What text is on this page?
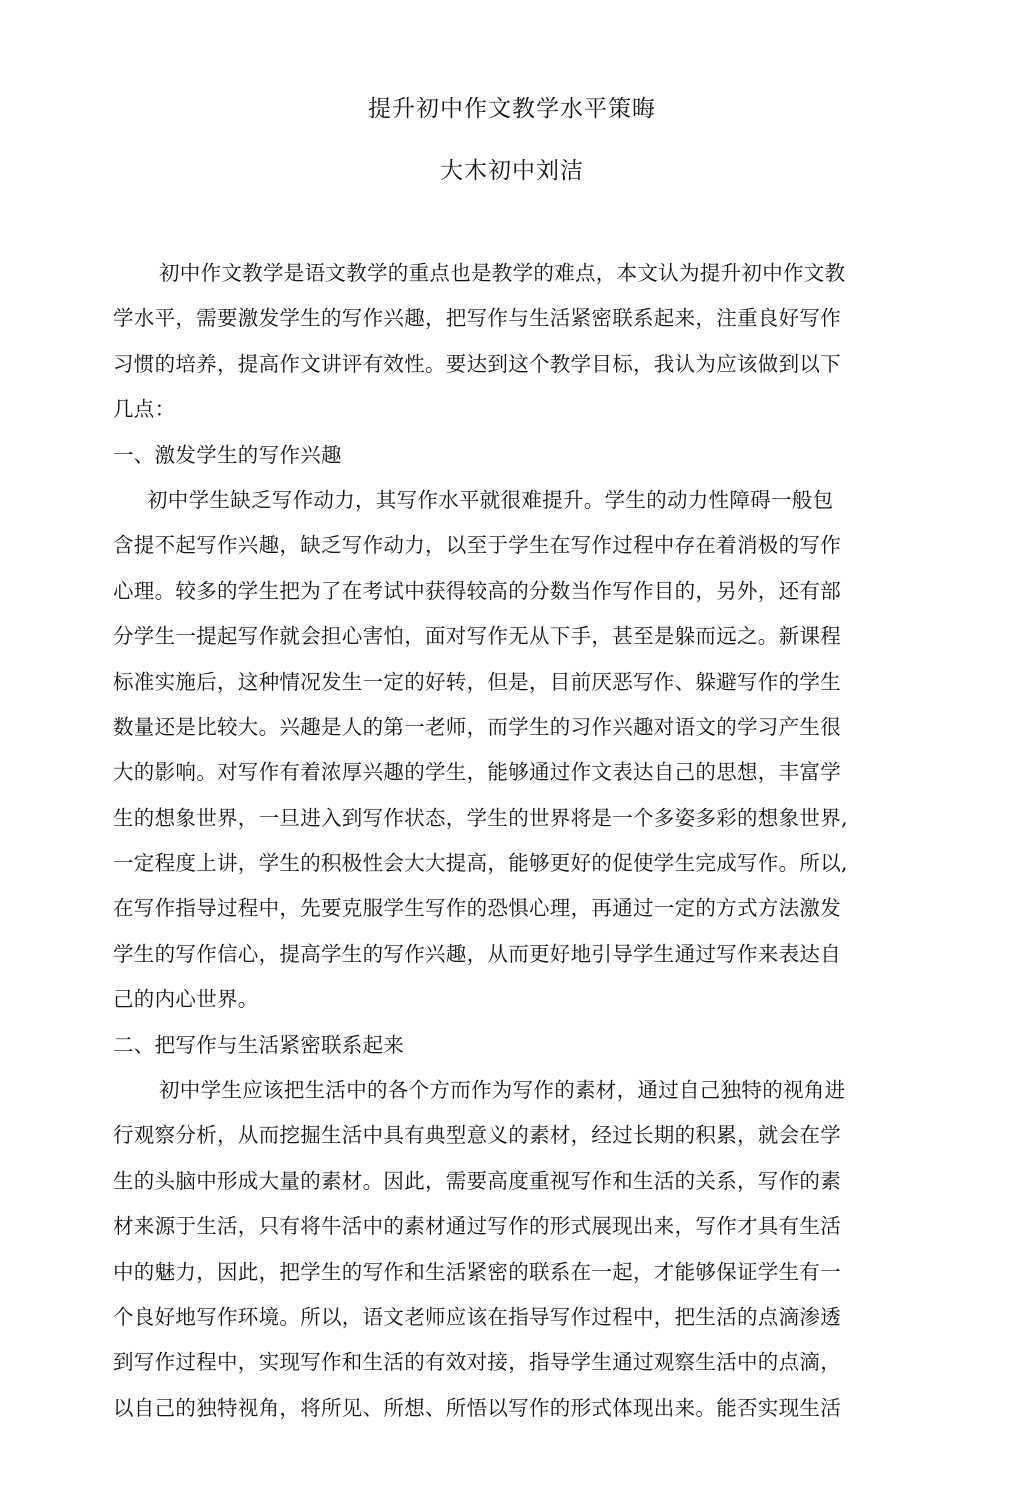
提升初中作文教学水平策晦
大木初中刘洁
初中作文教学是语文教学的重点也是教学的难点，本文认为提升初中作文教
学水平，需要激发学生的写作兴趣，把写作与生活紧密联系起来，注重良好写作
习惯的培养，提高作文讲评有效性。要达到这个教学目标，我认为应该做到以下
几点：
一、激发学生的写作兴趣
初中学生缺乏写作动力，其写作水平就很难提升。学生的动力性障碍一般包
含提不起写作兴趣，缺乏写作动力，以至于学生在写作过程中存在着消极的写作
心理。较多的学生把为了在考试中获得较高的分数当作写作目的，另外，还有部
分学生一提起写作就会担心害怕，面对写作无从下手，甚至是躲而远之。新课程
标准实施后，这种情况发生一定的好转，但是，目前厌恶写作、躲避写作的学生
数量还是比较大。兴趣是人的第一老师，而学生的习作兴趣对语文的学习产生很
大的影响。对写作有着浓厚兴趣的学生，能够通过作文表达自己的思想，丰富学
生的想象世界，一旦进入到写作状态，学生的世界将是一个多姿多彩的想象世界,
一定程度上讲，学生的积极性会大大提高，能够更好的促使学生完成写作。所以,
在写作指导过程中，先要克服学生写作的恐惧心理，再通过一定的方式方法激发
学生的写作信心，提高学生的写作兴趣，从而更好地引导学生通过写作来表达自
己的内心世界。
二、把写作与生活紧密联系起来
初中学生应该把生活中的各个方而作为写作的素材，通过自己独特的视角进
行观察分析，从而挖掘生活中具有典型意义的素材，经过长期的积累，就会在学
生的头脑中形成大量的素材。因此，需要高度重视写作和生活的关系，写作的素
材来源于生活，只有将牛活中的素材通过写作的形式展现出来，写作才具有生活
中的魅力，因此，把学生的写作和生活紧密的联系在一起，才能够保证学生有一
个良好地写作环境。所以，语文老师应该在指导写作过程中，把生活的点滴渗透
到写作过程中，实现写作和生活的有效对接，指导学生通过观察生活中的点滴，
以自己的独特视角，将所见、所想、所悟以写作的形式体现出来。能否实现生活
